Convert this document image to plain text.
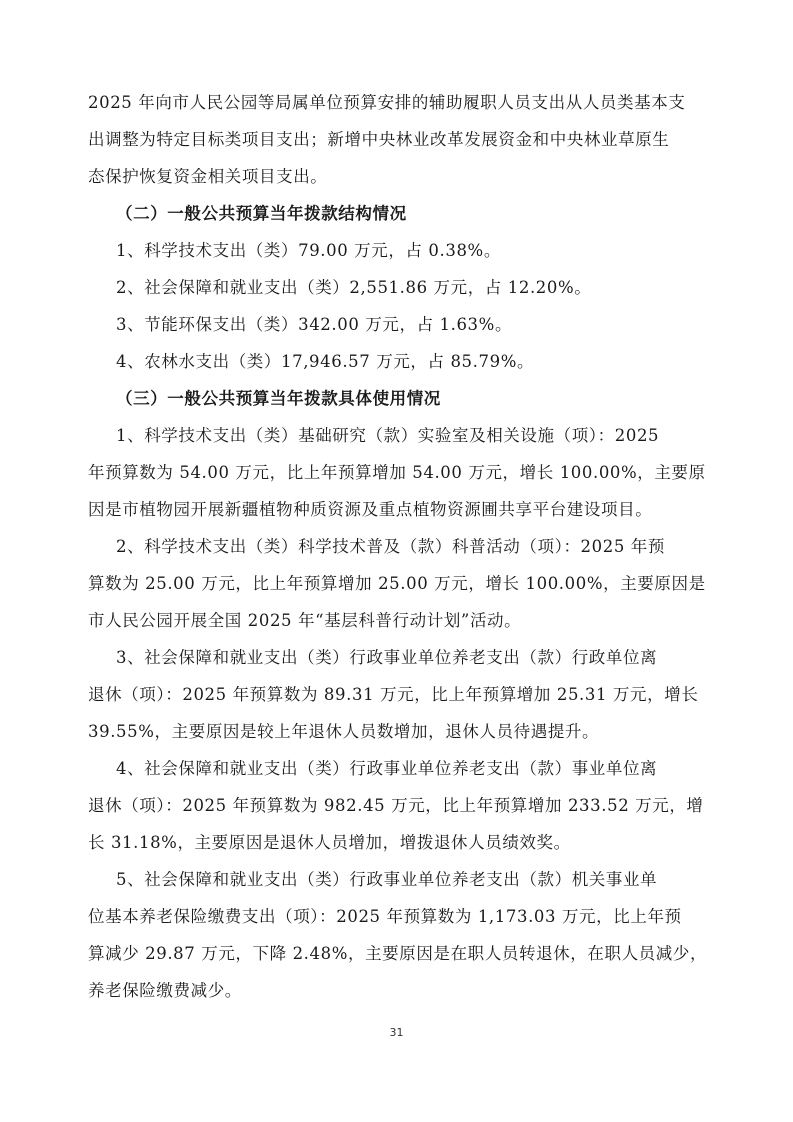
2025 年向市人民公园等局属单位预算安排的辅助履职人员支出从人员类基本支
出调整为特定目标类项目支出；新增中央林业改革发展资金和中央林业草原生
态保护恢复资金相关项目支出。
（二）一般公共预算当年拨款结构情况
1、科学技术支出（类）79.00 万元，占 0.38%。
2、社会保障和就业支出（类）2,551.86 万元，占 12.20%。
3、节能环保支出（类）342.00 万元，占 1.63%。
4、农林水支出（类）17,946.57 万元，占 85.79%。
（三）一般公共预算当年拨款具体使用情况
1、科学技术支出（类）基础研究（款）实验室及相关设施（项）：2025
年预算数为 54.00 万元，比上年预算增加 54.00 万元，增长 100.00%，主要原
因是市植物园开展新疆植物种质资源及重点植物资源圃共享平台建设项目。
2、科学技术支出（类）科学技术普及（款）科普活动（项）：2025 年预
算数为 25.00 万元，比上年预算增加 25.00 万元，增长 100.00%，主要原因是
市人民公园开展全国 2025 年“基层科普行动计划”活动。
3、社会保障和就业支出（类）行政事业单位养老支出（款）行政单位离
退休（项）：2025 年预算数为 89.31 万元，比上年预算增加 25.31 万元，增长
39.55%，主要原因是较上年退休人员数增加，退休人员待遇提升。
4、社会保障和就业支出（类）行政事业单位养老支出（款）事业单位离
退休（项）：2025 年预算数为 982.45 万元，比上年预算增加 233.52 万元，增
长 31.18%，主要原因是退休人员增加，增拨退休人员绩效奖。
5、社会保障和就业支出（类）行政事业单位养老支出（款）机关事业单
位基本养老保险缴费支出（项）：2025 年预算数为 1,173.03 万元，比上年预
算减少 29.87 万元，下降 2.48%，主要原因是在职人员转退休，在职人员减少，
养老保险缴费减少。
31
